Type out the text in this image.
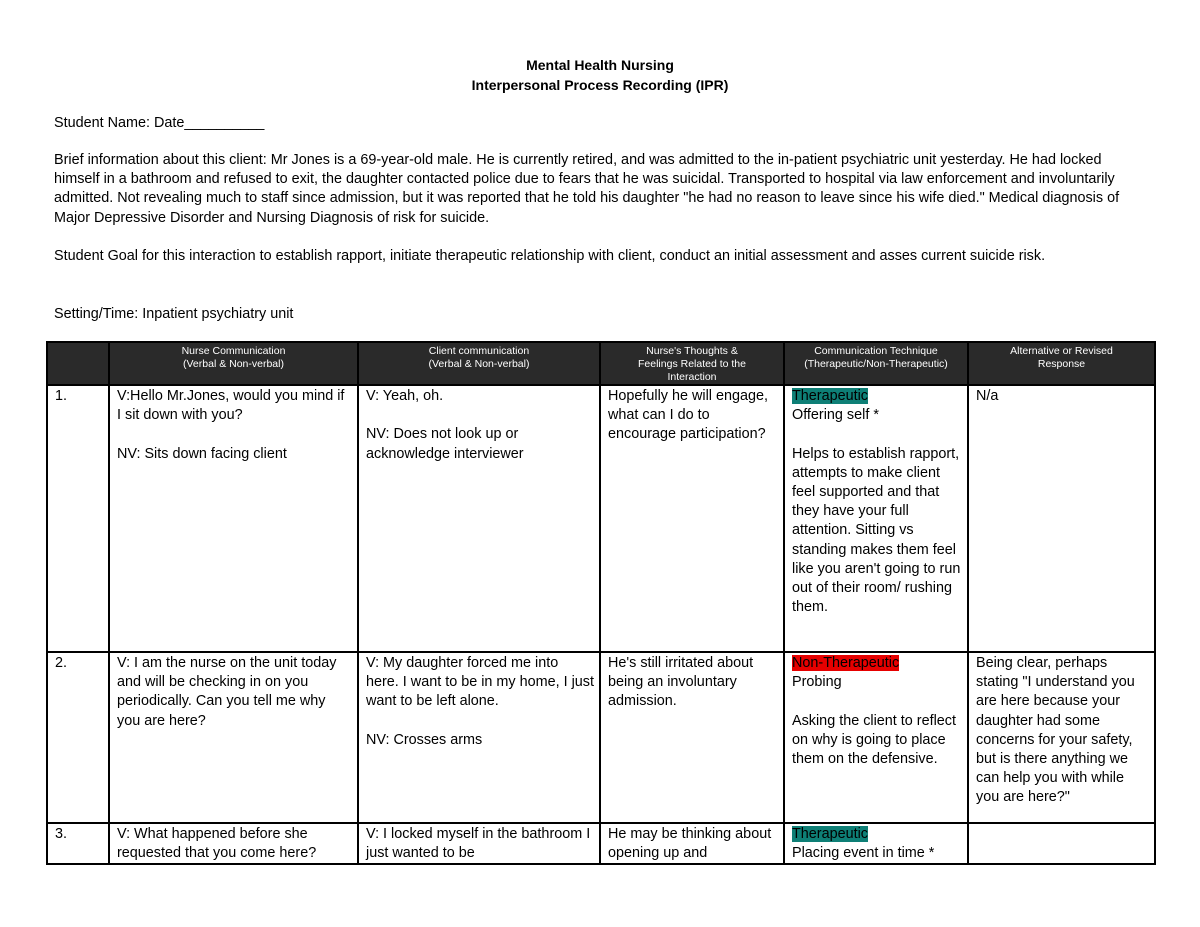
Mental Health Nursing
Interpersonal Process Recording (IPR)

Student Name: Date__________

Brief information about this client: Mr Jones is a 69-year-old male. He is currently retired, and was admitted to the in-patient psychiatric unit yesterday. He had locked himself in a bathroom and refused to exit, the daughter contacted police due to fears that he was suicidal. Transported to hospital via law enforcement and involuntarily admitted. Not revealing much to staff since admission, but it was reported that he told his daughter "he had no reason to leave since his wife died." Medical diagnosis of Major Depressive Disorder and Nursing Diagnosis of risk for suicide.

Student Goal for this interaction to establish rapport, initiate therapeutic relationship with client, conduct an initial assessment and asses current suicide risk.

Setting/Time: Inpatient psychiatry unit

	Nurse Communication
(Verbal & Non-verbal)	Client communication
(Verbal & Non-verbal)	Nurse's Thoughts &
Feelings Related to the
Interaction	Communication Technique
(Therapeutic/Non-Therapeutic)	Alternative or Revised
Response

1.	V:Hello Mr.Jones, would you mind if I sit down with you?
NV: Sits down facing client	V: Yeah, oh.
NV: Does not look up or acknowledge interviewer	Hopefully he will engage, what can I do to encourage participation?	Therapeutic
Offering self *
Helps to establish rapport, attempts to make client feel supported and that they have your full attention. Sitting vs standing makes them feel like you aren't going to run out of their room/ rushing them.	N/a
2.	V: I am the nurse on the unit today and will be checking in on you periodically. Can you tell me why you are here?	V: My daughter forced me into here. I want to be in my home, I just want to be left alone.
NV: Crosses arms	He's still irritated about being an involuntary admission.	Non-Therapeutic
Probing
Asking the client to reflect on why is going to place them on the defensive.	Being clear, perhaps stating "I understand you are here because your daughter had some concerns for your safety, but is there anything we can help you with while you are here?"
3.	V: What happened before she requested that you come here?	V: I locked myself in the bathroom I just wanted to be	He may be thinking about opening up and	Therapeutic
Placing event in time *	
